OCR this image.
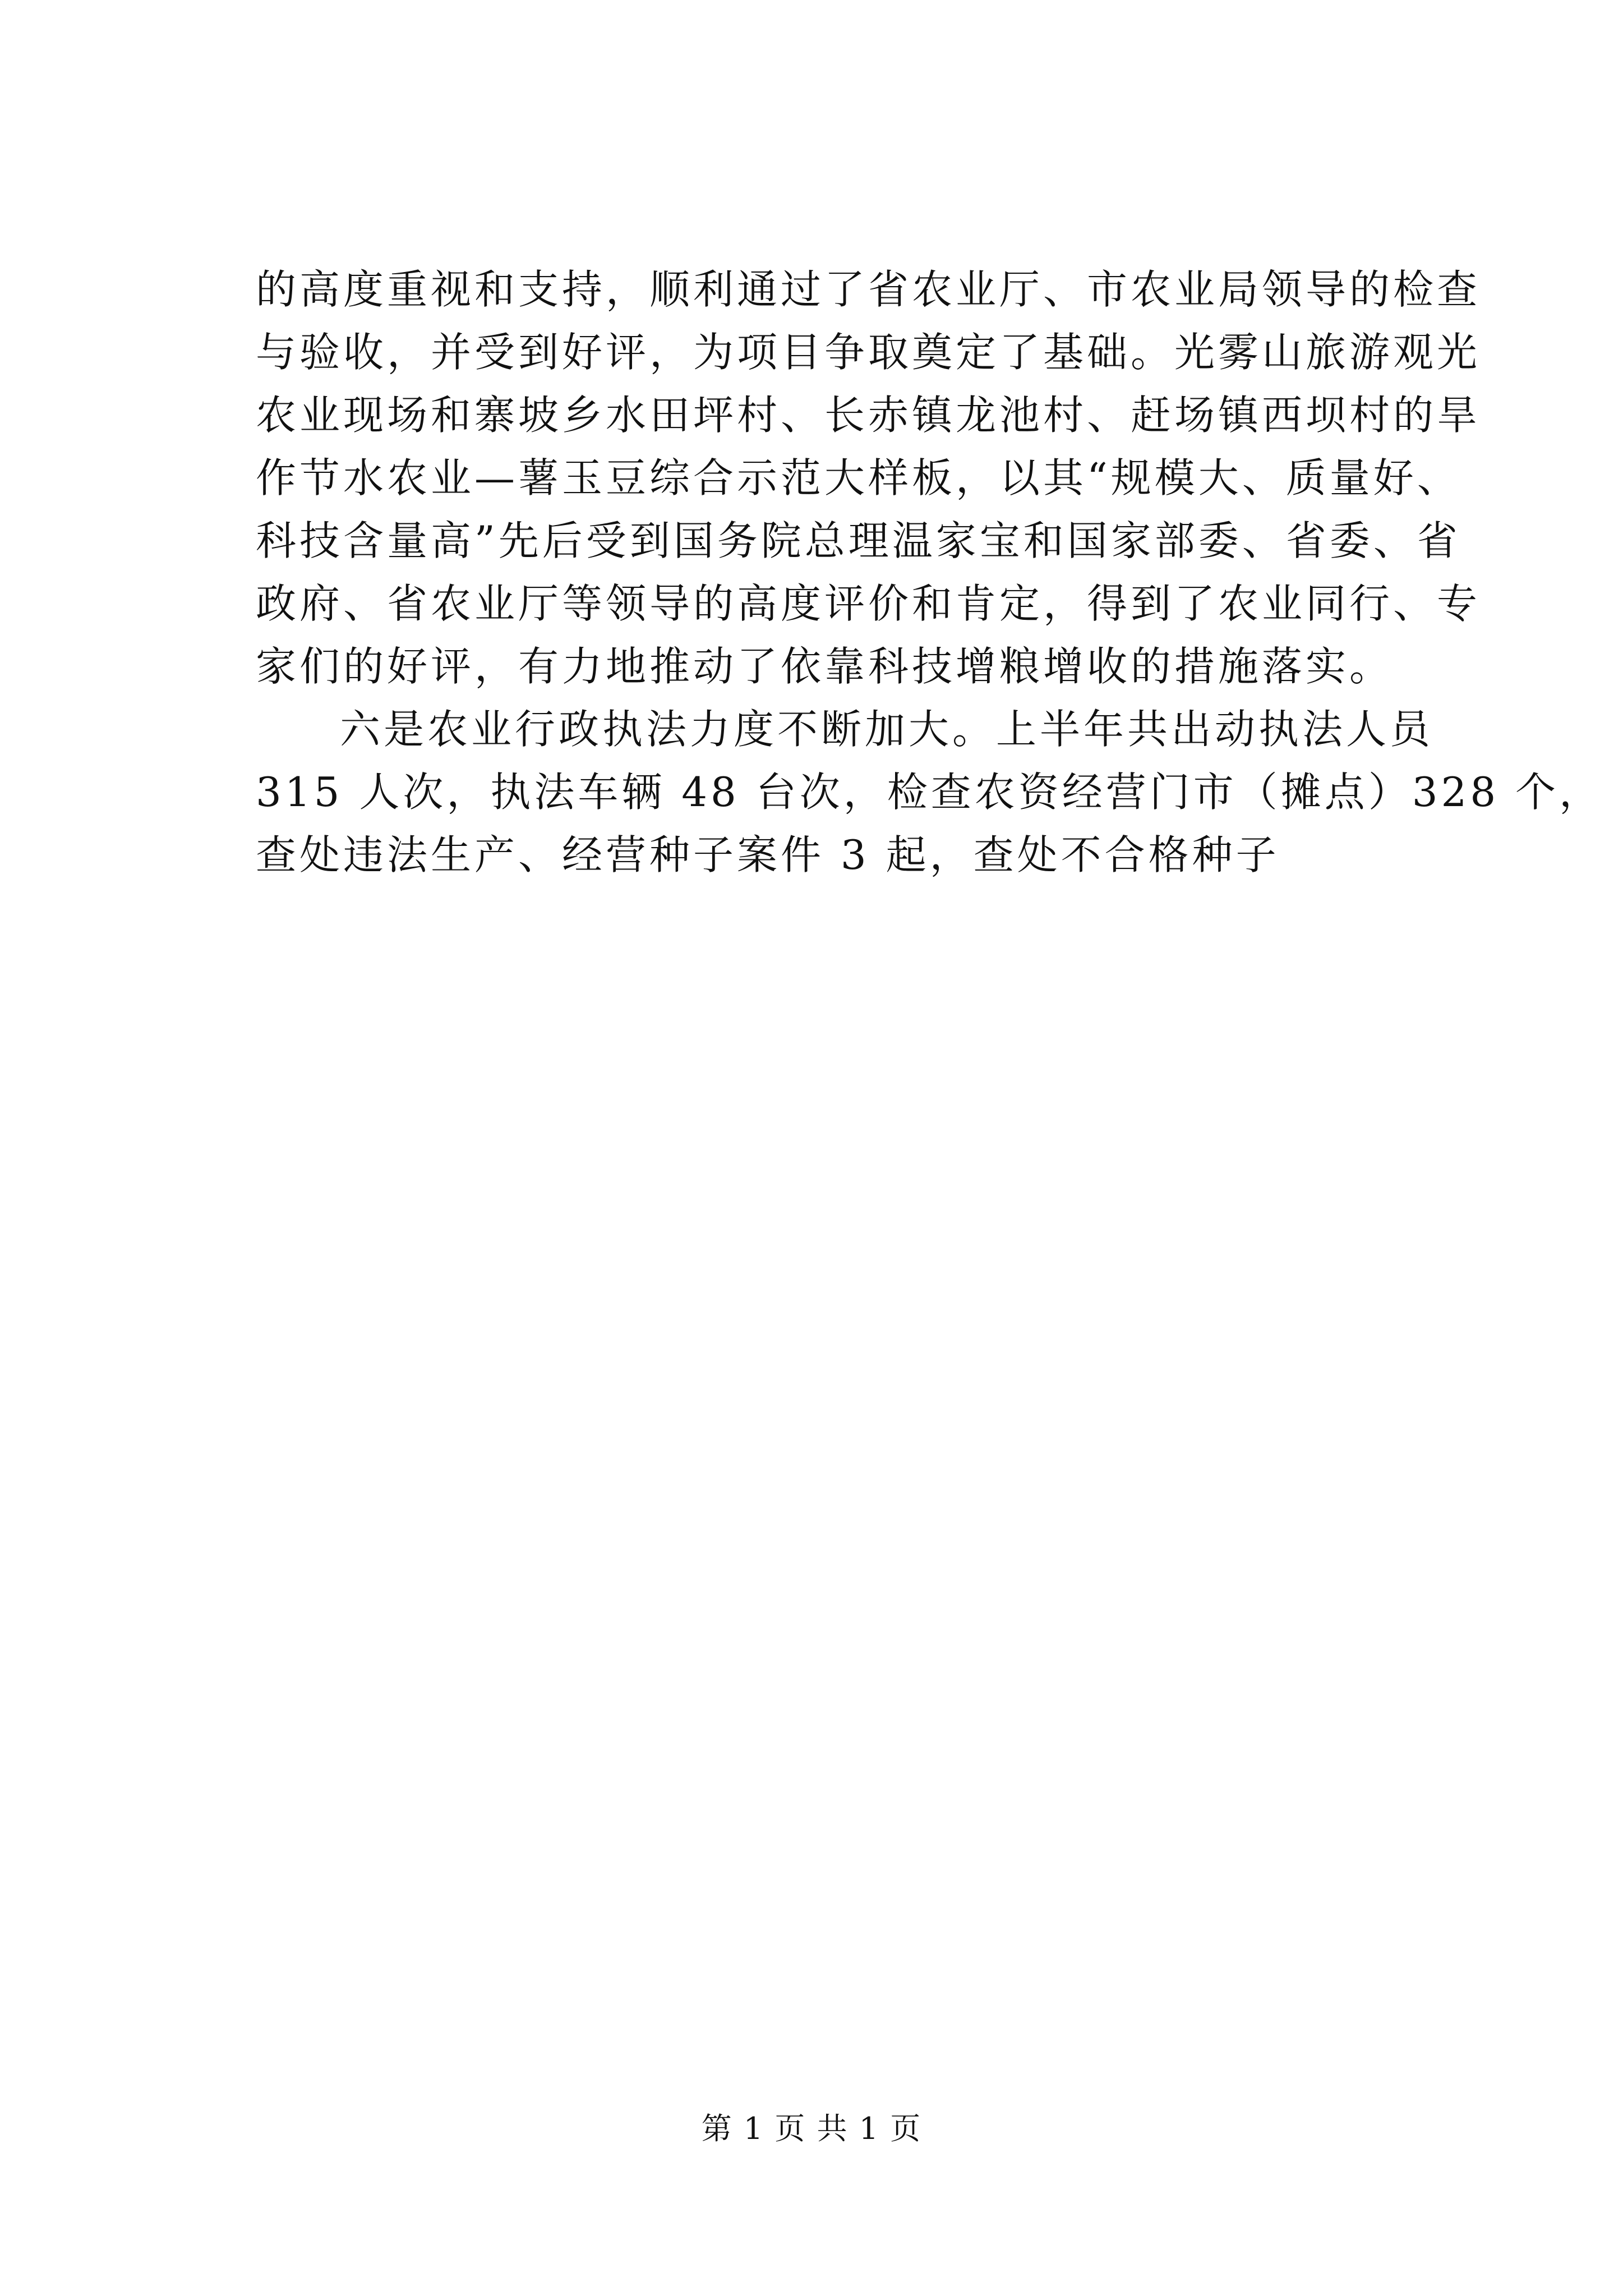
的高度重视和支持，顺利通过了省农业厅、市农业局领导的检查
与验收，并受到好评，为项目争取奠定了基础。光雾山旅游观光
农业现场和寨坡乡水田坪村、长赤镇龙池村、赶场镇西坝村的旱
作节水农业—薯玉豆综合示范大样板，以其“规模大、质量好、
科技含量高”先后受到国务院总理温家宝和国家部委、省委、省
政府、省农业厅等领导的高度评价和肯定，得到了农业同行、专
家们的好评，有力地推动了依靠科技增粮增收的措施落实。
六是农业行政执法力度不断加大。上半年共出动执法人员
315 人次，执法车辆 48 台次，检查农资经营门市（摊点）328 个，
查处违法生产、经营种子案件 3 起，查处不合格种子
第 1 页 共 1 页
